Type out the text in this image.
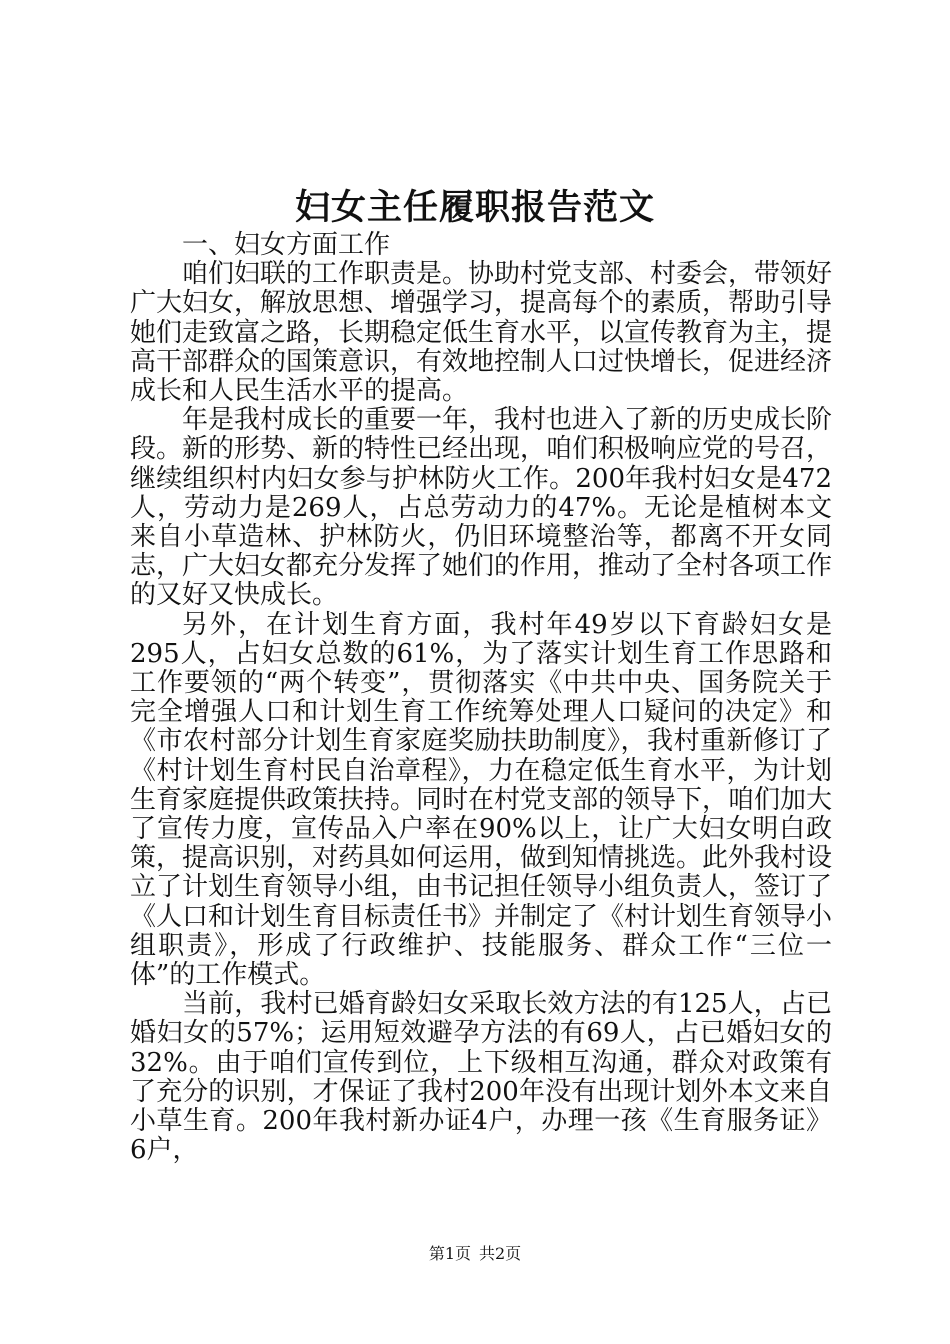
妇女主任履职报告范文

一、妇女方面工作

咱们妇联的工作职责是。协助村党支部、村委会，带领好广大妇女，解放思想、增强学习，提高每个的素质，帮助引导她们走致富之路，长期稳定低生育水平，以宣传教育为主，提高干部群众的国策意识，有效地控制人口过快增长，促进经济成长和人民生活水平的提高。

年是我村成长的重要一年，我村也进入了新的历史成长阶段。新的形势、新的特性已经出现，咱们积极响应党的号召，继续组织村内妇女参与护林防火工作。200年我村妇女是472人，劳动力是269人，占总劳动力的47%。无论是植树本文来自小草造林、护林防火，仍旧环境整治等，都离不开女同志，广大妇女都充分发挥了她们的作用，推动了全村各项工作的又好又快成长。

另外，在计划生育方面，我村年49岁以下育龄妇女是295人，占妇女总数的61%，为了落实计划生育工作思路和工作要领的“两个转变”，贯彻落实《中共中央、国务院关于完全增强人口和计划生育工作统筹处理人口疑问的决定》和《市农村部分计划生育家庭奖励扶助制度》，我村重新修订了《村计划生育村民自治章程》，力在稳定低生育水平，为计划生育家庭提供政策扶持。同时在村党支部的领导下，咱们加大了宣传力度，宣传品入户率在90%以上，让广大妇女明白政策，提高识别，对药具如何运用，做到知情挑选。此外我村设立了计划生育领导小组，由书记担任领导小组负责人，签订了《人口和计划生育目标责任书》并制定了《村计划生育领导小组职责》，形成了行政维护、技能服务、群众工作“三位一体”的工作模式。

当前，我村已婚育龄妇女采取长效方法的有125人，占已婚妇女的57%；运用短效避孕方法的有69人，占已婚妇女的32%。由于咱们宣传到位，上下级相互沟通，群众对政策有了充分的识别，才保证了我村200年没有出现计划外本文来自小草生育。200年我村新办证4户，办理一孩《生育服务证》6户，

第1页 共2页
